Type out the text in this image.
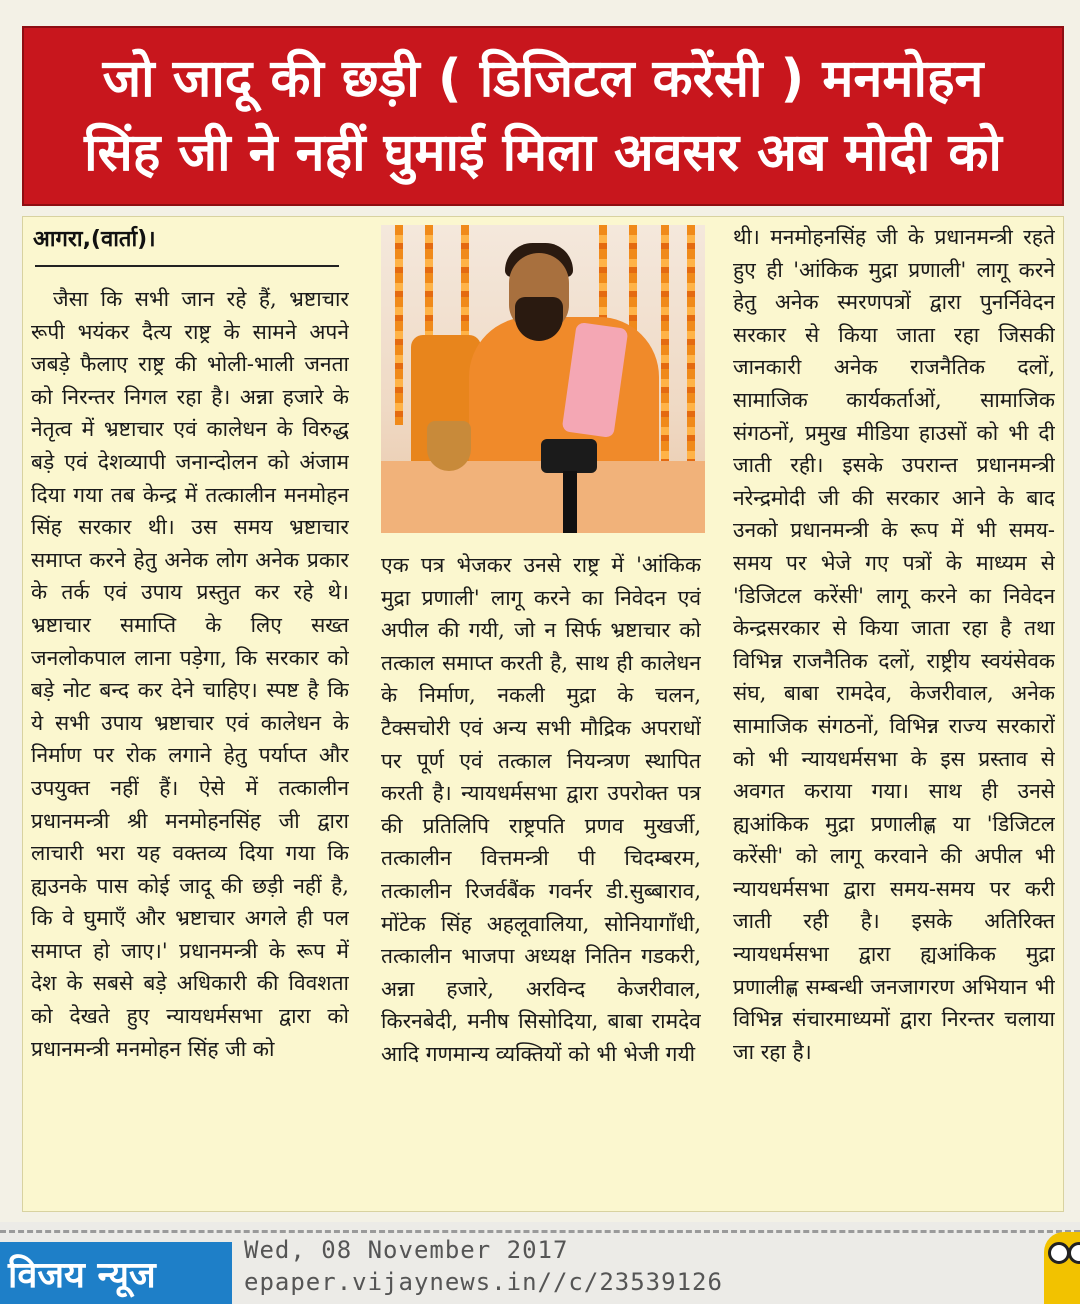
जो जादू की छड़ी ( डिजिटल करेंसी ) मनमोहन
सिंह जी ने नहीं घुमाई मिला अवसर अब मोदी को
आगरा,(वार्ता)।
जैसा कि सभी जान रहे हैं, भ्रष्टाचार रूपी भयंकर दैत्य राष्ट्र के सामने अपने जबड़े फैलाए राष्ट्र की भोली-भाली जनता को निरन्तर निगल रहा है। अन्ना हजारे के नेतृत्व में भ्रष्टाचार एवं कालेधन के विरुद्ध बड़े एवं देशव्यापी जनान्दोलन को अंजाम दिया गया तब केन्द्र में तत्कालीन मनमोहन सिंह सरकार थी। उस समय भ्रष्टाचार समाप्त करने हेतु अनेक लोग अनेक प्रकार के तर्क एवं उपाय प्रस्तुत कर रहे थे। भ्रष्टाचार समाप्ति के लिए सख्त जनलोकपाल लाना पड़ेगा, कि सरकार को बड़े नोट बन्द कर देने चाहिए। स्पष्ट है कि ये सभी उपाय भ्रष्टाचार एवं कालेधन के निर्माण पर रोक लगाने हेतु पर्याप्त और उपयुक्त नहीं हैं। ऐसे में तत्कालीन प्रधानमन्त्री श्री मनमोहनसिंह जी द्वारा लाचारी भरा यह वक्तव्य दिया गया कि ह्यउनके पास कोई जादू की छड़ी नहीं है, कि वे घुमाएँ और भ्रष्टाचार अगले ही पल समाप्त हो जाए।' प्रधानमन्त्री के रूप में देश के सबसे बड़े अधिकारी की विवशता को देखते हुए न्यायधर्मसभा द्वारा को प्रधानमन्त्री मनमोहन सिंह जी को
एक पत्र भेजकर उनसे राष्ट्र में 'आंकिक मुद्रा प्रणाली' लागू करने का निवेदन एवं अपील की गयी, जो न सिर्फ भ्रष्टाचार को तत्काल समाप्त करती है, साथ ही कालेधन के निर्माण, नकली मुद्रा के चलन, टैक्सचोरी एवं अन्य सभी मौद्रिक अपराधों पर पूर्ण एवं तत्काल नियन्त्रण स्थापित करती है। न्यायधर्मसभा द्वारा उपरोक्त पत्र की प्रतिलिपि राष्ट्रपति प्रणव मुखर्जी, तत्कालीन वित्तमन्त्री पी चिदम्बरम, तत्कालीन रिजर्वबैंक गवर्नर डी.सुब्बाराव, मोंटेक सिंह अहलूवालिया, सोनियागाँधी, तत्कालीन भाजपा अध्यक्ष नितिन गडकरी, अन्ना हजारे, अरविन्द केजरीवाल, किरनबेदी, मनीष सिसोदिया, बाबा रामदेव आदि गणमान्य व्यक्तियों को भी भेजी गयी
थी। मनमोहनसिंह जी के प्रधानमन्त्री रहते हुए ही 'आंकिक मुद्रा प्रणाली' लागू करने हेतु अनेक स्मरणपत्रों द्वारा पुनर्निवेदन सरकार से किया जाता रहा जिसकी जानकारी अनेक राजनैतिक दलों, सामाजिक कार्यकर्ताओं, सामाजिक संगठनों, प्रमुख मीडिया हाउसों को भी दी जाती रही। इसके उपरान्त प्रधानमन्त्री नरेन्द्रमोदी जी की सरकार आने के बाद उनको प्रधानमन्त्री के रूप में भी समय-समय पर भेजे गए पत्रों के माध्यम से 'डिजिटल करेंसी' लागू करने का निवेदन केन्द्रसरकार से किया जाता रहा है तथा विभिन्न राजनैतिक दलों, राष्ट्रीय स्वयंसेवक संघ, बाबा रामदेव, केजरीवाल, अनेक सामाजिक संगठनों, विभिन्न राज्य सरकारों को भी न्यायधर्मसभा के इस प्रस्ताव से अवगत कराया गया। साथ ही उनसे ह्यआंकिक मुद्रा प्रणालीह्ण या 'डिजिटल करेंसी' को लागू करवाने की अपील भी न्यायधर्मसभा द्वारा समय-समय पर करी जाती रही है। इसके अतिरिक्त न्यायधर्मसभा द्वारा ह्यआंकिक मुद्रा प्रणालीह्ण सम्बन्धी जनजागरण अभियान भी विभिन्न संचारमाध्यमों द्वारा निरन्तर चलाया जा रहा है।
विजय न्यूज
Wed, 08 November 2017
epaper.vijaynews.in//c/23539126
